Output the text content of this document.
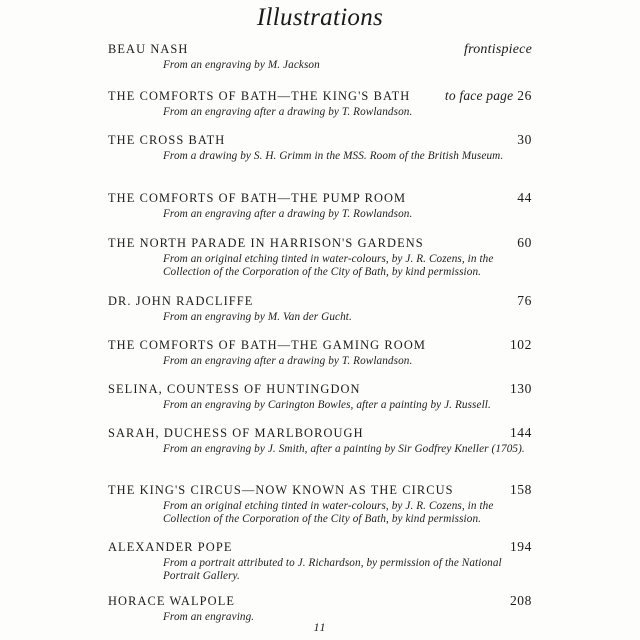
Illustrations
BEAU NASH	frontispiece
From an engraving by M. Jackson
THE COMFORTS OF BATH—THE KING'S BATH	to face page 26
From an engraving after a drawing by T. Rowlandson.
THE CROSS BATH	30
From a drawing by S. H. Grimm in the MSS. Room of the British Museum.
THE COMFORTS OF BATH—THE PUMP ROOM	44
From an engraving after a drawing by T. Rowlandson.
THE NORTH PARADE IN HARRISON'S GARDENS	60
From an original etching tinted in water-colours, by J. R. Cozens, in the Collection of the Corporation of the City of Bath, by kind permission.
DR. JOHN RADCLIFFE	76
From an engraving by M. Van der Gucht.
THE COMFORTS OF BATH—THE GAMING ROOM	102
From an engraving after a drawing by T. Rowlandson.
SELINA, COUNTESS OF HUNTINGDON	130
From an engraving by Carington Bowles, after a painting by J. Russell.
SARAH, DUCHESS OF MARLBOROUGH	144
From an engraving by J. Smith, after a painting by Sir Godfrey Kneller (1705).
THE KING'S CIRCUS—NOW KNOWN AS THE CIRCUS	158
From an original etching tinted in water-colours, by J. R. Cozens, in the Collection of the Corporation of the City of Bath, by kind permission.
ALEXANDER POPE	194
From a portrait attributed to J. Richardson, by permission of the National Portrait Gallery.
HORACE WALPOLE	208
From an engraving.
11
